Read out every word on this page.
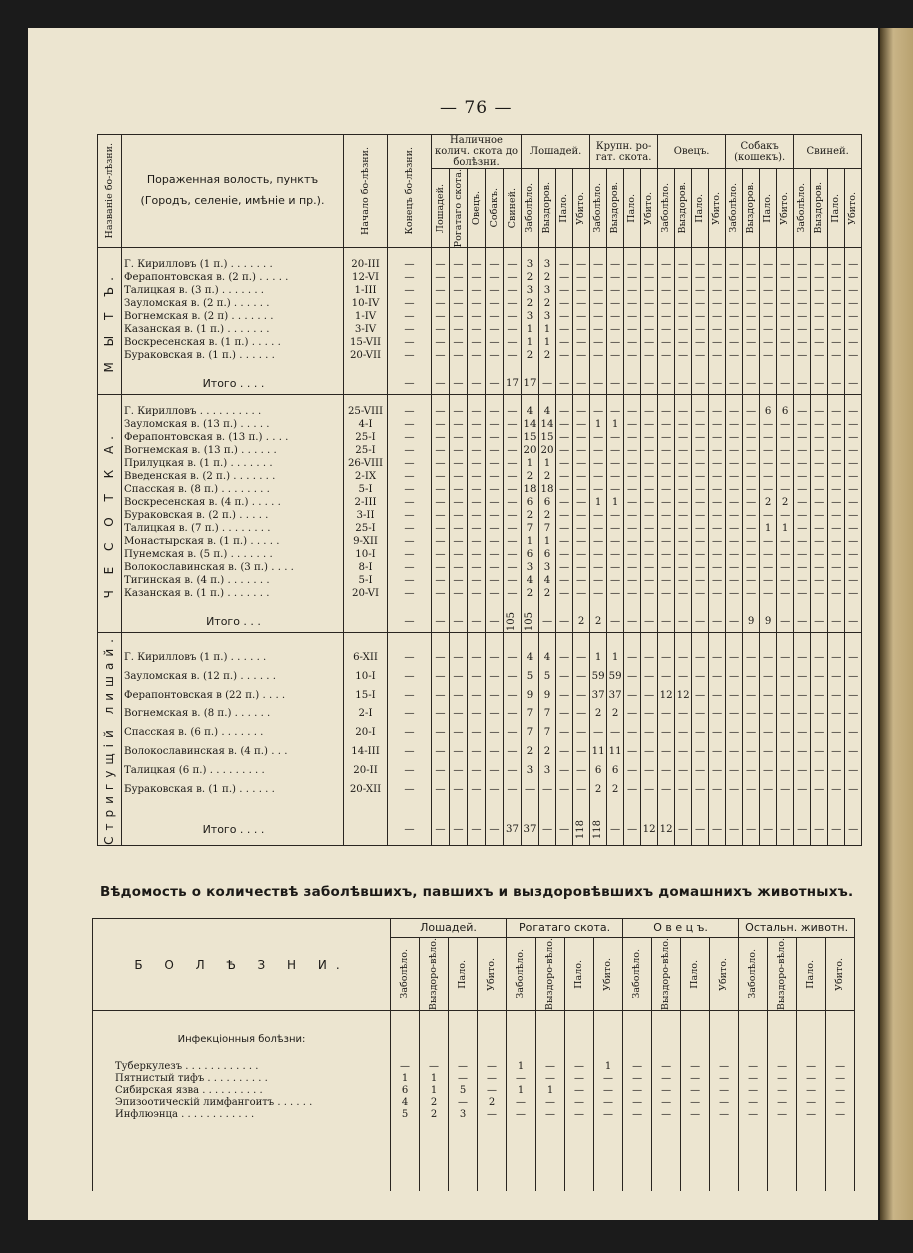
— 76 —
Названіе бо-лѣзни.	Пораженная волость, пунктъ
(Городъ, селеніе, имѣніе и пр.).	Начало бо-лѣзни.	Конецъ бо-лѣзни.	Наличное колич. скота до болѣзни.					Лошадей.				Крупн. ро-гат. скота.				Овецъ.				Собакъ (кошекъ).				Свиней.				

				Лошадей.	Рогатаго скота.	Овецъ.	Собакъ.	Свиней.	Заболѣло.	Выздоров.	Пало.	Убито.	Заболѣло.	Выздоров.	Пало.	Убито.	Заболѣло.	Выздоров.	Пало.	Убито.	Заболѣло.	Выздоров.	Пало.	Убито.	Заболѣло.	Выздоров.	Пало.	Убито.	

М Ы Т Ъ.																													

	Г. Кирилловъ (1 п.) . . . . . . .	20-III	—	—	—	—	—	—	3	3	—	—	—	—	—	—	—	—	—	—	—	—	—	—	—	—	—	—		
	Ферапонтовская в. (2 п.) . . . . .	12-VI	—	—	—	—	—	—	2	2	—	—	—	—	—	—	—	—	—	—	—	—	—	—	—	—	—	—		
	Талицкая в. (3 п.) . . . . . . .	1-III	—	—	—	—	—	—	3	3	—	—	—	—	—	—	—	—	—	—	—	—	—	—	—	—	—	—		
	Зауломская в. (2 п.) . . . . . .	10-IV	—	—	—	—	—	—	2	2	—	—	—	—	—	—	—	—	—	—	—	—	—	—	—	—	—	—		
	Вогнемская в. (2 п) . . . . . . .	1-IV	—	—	—	—	—	—	3	3	—	—	—	—	—	—	—	—	—	—	—	—	—	—	—	—	—	—		
	Казанская в. (1 п.) . . . . . . .	3-IV	—	—	—	—	—	—	1	1	—	—	—	—	—	—	—	—	—	—	—	—	—	—	—	—	—	—		
	Воскресенская в. (1 п.) . . . . .	15-VII	—	—	—	—	—	—	1	1	—	—	—	—	—	—	—	—	—	—	—	—	—	—	—	—	—	—		
	Бураковская в. (1 п.) . . . . . .	20-VII	—	—	—	—	—	—	2	2	—	—	—	—	—	—	—	—	—	—	—	—	—	—	—	—	—	—		

	Итого . . . .		—	—	—	—	—	17	17	—	—	—	—	—	—	—	—	—	—	—	—	—	—	—	—	—	—	—	

Ч Е С О Т К А.																													

	Г. Кирилловъ . . . . . . . . . .	25-VIII	—	—	—	—	—	—	4	4	—	—	—	—	—	—	—	—	—	—	—	—	6	6	—	—	—	—		
	Зауломская в. (13 п.) . . . . .	4-I	—	—	—	—	—	—	14	14	—	—	1	1	—	—	—	—	—	—	—	—	—	—	—	—	—	—		
	Ферапонтовская в. (13 п.) . . . .	25-I	—	—	—	—	—	—	15	15	—	—	—	—	—	—	—	—	—	—	—	—	—	—	—	—	—	—		
	Вогнемская в. (13 п.) . . . . . .	25-I	—	—	—	—	—	—	20	20	—	—	—	—	—	—	—	—	—	—	—	—	—	—	—	—	—	—		
	Прилуцкая в. (1 п.) . . . . . . .	26-VIII	—	—	—	—	—	—	1	1	—	—	—	—	—	—	—	—	—	—	—	—	—	—	—	—	—	—		
	Введенская в. (2 п.) . . . . . . .	2-IX	—	—	—	—	—	—	2	2	—	—	—	—	—	—	—	—	—	—	—	—	—	—	—	—	—	—		
	Спасская в. (8 п.) . . . . . . . .	5-I	—	—	—	—	—	—	18	18	—	—	—	—	—	—	—	—	—	—	—	—	—	—	—	—	—	—		
	Воскресенская в. (4 п.) . . . . .	2-III	—	—	—	—	—	—	6	6	—	—	1	1	—	—	—	—	—	—	—	—	2	2	—	—	—	—		
	Бураковская в. (2 п.) . . . . .	3-II	—	—	—	—	—	—	2	2	—	—	—	—	—	—	—	—	—	—	—	—	—	—	—	—	—	—		
	Талицкая в. (7 п.) . . . . . . . .	25-I	—	—	—	—	—	—	7	7	—	—	—	—	—	—	—	—	—	—	—	—	1	1	—	—	—	—		
	Монастырская в. (1 п.) . . . . .	9-XII	—	—	—	—	—	—	1	1	—	—	—	—	—	—	—	—	—	—	—	—	—	—	—	—	—	—		
	Пунемская в. (5 п.) . . . . . . .	10-I	—	—	—	—	—	—	6	6	—	—	—	—	—	—	—	—	—	—	—	—	—	—	—	—	—	—		
	Волокославинская в. (3 п.) . . . .	8-I	—	—	—	—	—	—	3	3	—	—	—	—	—	—	—	—	—	—	—	—	—	—	—	—	—	—		
	Тигинская в. (4 п.) . . . . . . .	5-I	—	—	—	—	—	—	4	4	—	—	—	—	—	—	—	—	—	—	—	—	—	—	—	—	—	—		
	Казанская в. (1 п.) . . . . . . .	20-VI	—	—	—	—	—	—	2	2	—	—	—	—	—	—	—	—	—	—	—	—	—	—	—	—	—	—		

	Итого . . .		—	—	—	—	—	105	105	—	—	2	2	—	—	—	—	—	—	—	—	9	9	—	—	—	—	—	

Стригущій лишай.																													

	Г. Кирилловъ (1 п.) . . . . . .	6-XII	—	—	—	—	—	—	4	4	—	—	1	1	—	—	—	—	—	—	—	—	—	—	—	—	—	—		
	Зауломская в. (12 п.) . . . . . .	10-I	—	—	—	—	—	—	5	5	—	—	59	59	—	—	—	—	—	—	—	—	—	—	—	—	—	—		
	Ферапонтовская в (22 п.) . . . .	15-I	—	—	—	—	—	—	9	9	—	—	37	37	—	—	12	12	—	—	—	—	—	—	—	—	—	—		
	Вогнемская в. (8 п.) . . . . . .	2-I	—	—	—	—	—	—	7	7	—	—	2	2	—	—	—	—	—	—	—	—	—	—	—	—	—	—		
	Спасская в. (6 п.) . . . . . . .	20-I	—	—	—	—	—	—	7	7	—	—	—	—	—	—	—	—	—	—	—	—	—	—	—	—	—	—		
	Волокославинская в. (4 п.) . . .	14-III	—	—	—	—	—	—	2	2	—	—	11	11	—	—	—	—	—	—	—	—	—	—	—	—	—	—		
	Талицкая (6 п.) . . . . . . . . .	20-II	—	—	—	—	—	—	3	3	—	—	6	6	—	—	—	—	—	—	—	—	—	—	—	—	—	—		
	Бураковская в. (1 п.) . . . . . .	20-XII	—	—	—	—	—	—	—	—	—	—	2	2	—	—	—	—	—	—	—	—	—	—	—	—	—	—		

	Итого . . . .		—	—	—	—	—	37	37	—	—	118	118	—	—	12	12	—	—	—	—	—	—	—	—	—	—	—	
Вѣдомость о количествѣ заболѣвшихъ, павшихъ и выздоровѣвшихъ домашнихъ животныхъ.
Б О Л Ѣ З Н И.	Лошадей.				Рогатаго скота.				О в е ц ъ.				Остальн. животн.			

	Заболѣло.	Выздоро-вѣло.	Пало.	Убито.	Заболѣло.	Выздоро-вѣло.	Пало.	Убито.	Заболѣло.	Выздоро-вѣло.	Пало.	Убито.	Заболѣло.	Выздоро-вѣло.	Пало.	Убито.

Инфекціонныя болѣзни:																

Туберкулезъ . . . . . . . . . . . .	—	—	—	—	1	—	—	1	—	—	—	—	—	—	—	—
Пятнистый тифъ . . . . . . . . . .	1	1	—	—	—	—	—	—	—	—	—	—	—	—	—	—
Сибирская язва . . . . . . . . . .	6	1	5	—	1	1	—	—	—	—	—	—	—	—	—	—
Эпизоотическій лимфангоитъ . . . . . .	4	2	—	2	—	—	—	—	—	—	—	—	—	—	—	—
Инфлюэнца . . . . . . . . . . . .	5	2	3	—	—	—	—	—	—	—	—	—	—	—	—	—
